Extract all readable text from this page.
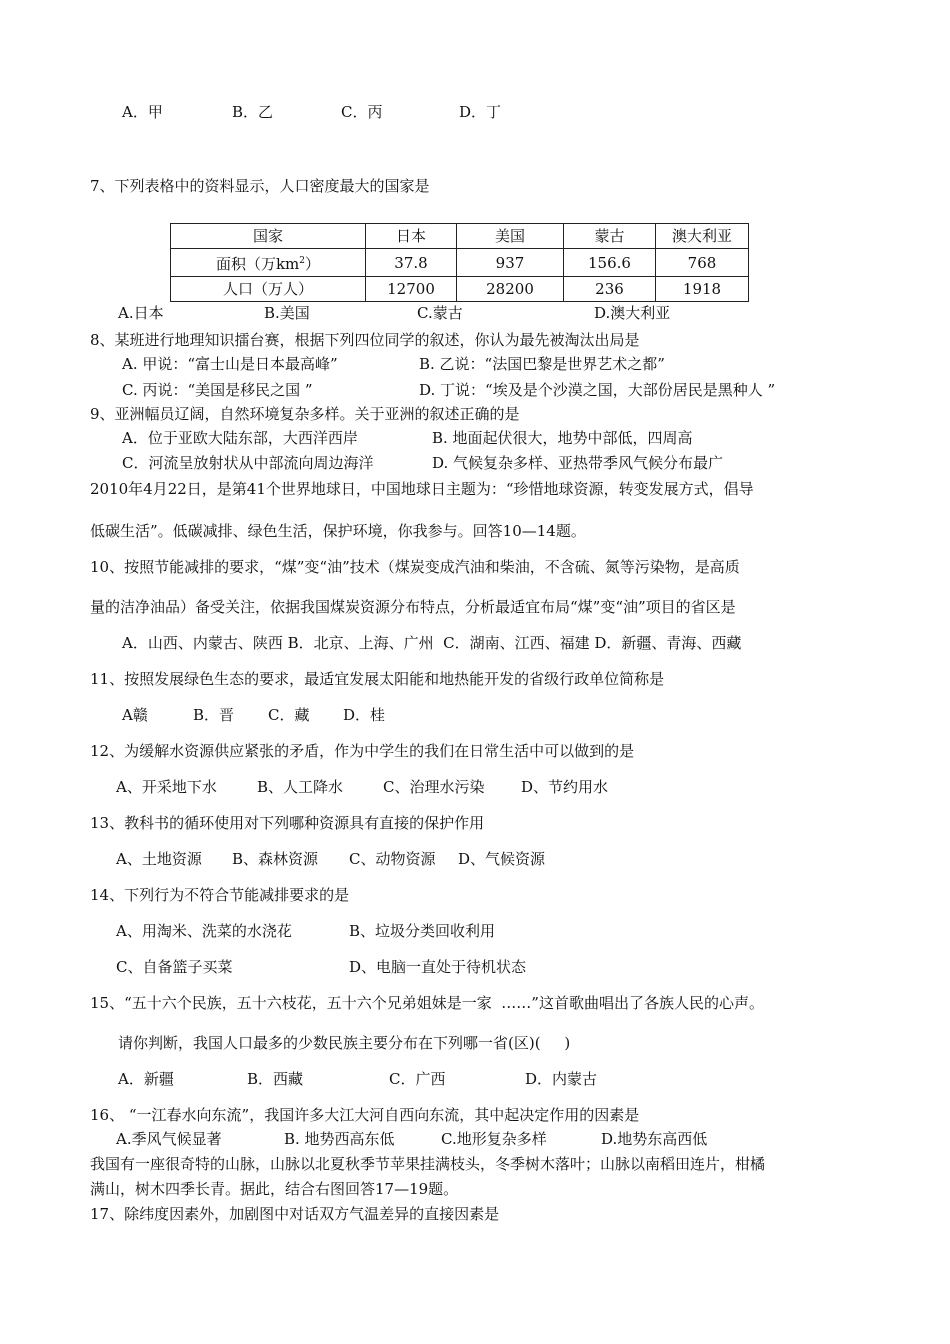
A．甲	B．乙	C．丙	D．丁
7、下列表格中的资料显示，人口密度最大的国家是
国家	日本	美国	蒙古	澳大利亚
面积（万$km^2$）	37.8	937	156.6	768
人口（万人）	12700	28200	236	1918
A.日本	B.美国	C.蒙古	D.澳大利亚
8、某班进行地理知识擂台赛，根据下列四位同学的叙述，你认为最先被淘汰出局是
A. 甲说：“富士山是日本最高峰”	B. 乙说：“法国巴黎是世界艺术之都”
C. 丙说：“美国是移民之国 ”	D. 丁说：“埃及是个沙漠之国，大部份居民是黑种人 ”
9、亚洲幅员辽阔，自然环境复杂多样。关于亚洲的叙述正确的是
A．位于亚欧大陆东部，大西洋西岸	B. 地面起伏很大，地势中部低，四周高
C．河流呈放射状从中部流向周边海洋	D. 气候复杂多样、亚热带季风气候分布最广
2010年4月22日，是第41个世界地球日，中国地球日主题为：“珍惜地球资源，转变发展方式，倡导
低碳生活”。低碳减排、绿色生活，保护环境，你我参与。回答10—14题。
10、按照节能减排的要求，“煤”变“油”技术（煤炭变成汽油和柴油，不含硫、氮等污染物，是高质
量的洁净油品）备受关注，依据我国煤炭资源分布特点，分析最适宜布局“煤”变“油”项目的省区是
A．山西、内蒙古、陕西 B．北京、上海、广州  C．湖南、江西、福建 D．新疆、青海、西藏
11、按照发展绿色生态的要求，最适宜发展太阳能和地热能开发的省级行政单位简称是
A赣	B．晋 C．藏 D．桂
12、为缓解水资源供应紧张的矛盾，作为中学生的我们在日常生活中可以做到的是
A、开采地下水	B、人工降水	C、治理水污染 D、节约用水
13、教科书的循环使用对下列哪种资源具有直接的保护作用
A、土地资源 B、森林资源 C、动物资源 D、气候资源
14、下列行为不符合节能减排要求的是
A、用淘米、洗菜的水浇花	B、垃圾分类回收利用
C、自备篮子买菜	D、电脑一直处于待机状态
15、“五十六个民族，五十六枝花，五十六个兄弟姐妹是一家  ……”这首歌曲唱出了各族人民的心声。
请你判断，我国人口最多的少数民族主要分布在下列哪一省(区)(     )
A．新疆	B．西藏	C．广西	D．内蒙古
16、 “一江春水向东流”，我国许多大江大河自西向东流，其中起决定作用的因素是
A.季风气候显著	B. 地势西高东低	C.地形复杂多样	D.地势东高西低
我国有一座很奇特的山脉，山脉以北夏秋季节苹果挂满枝头，冬季树木落叶；山脉以南稻田连片，柑橘
满山，树木四季长青。据此，结合右图回答17—19题。
17、除纬度因素外，加剧图中对话双方气温差异的直接因素是
